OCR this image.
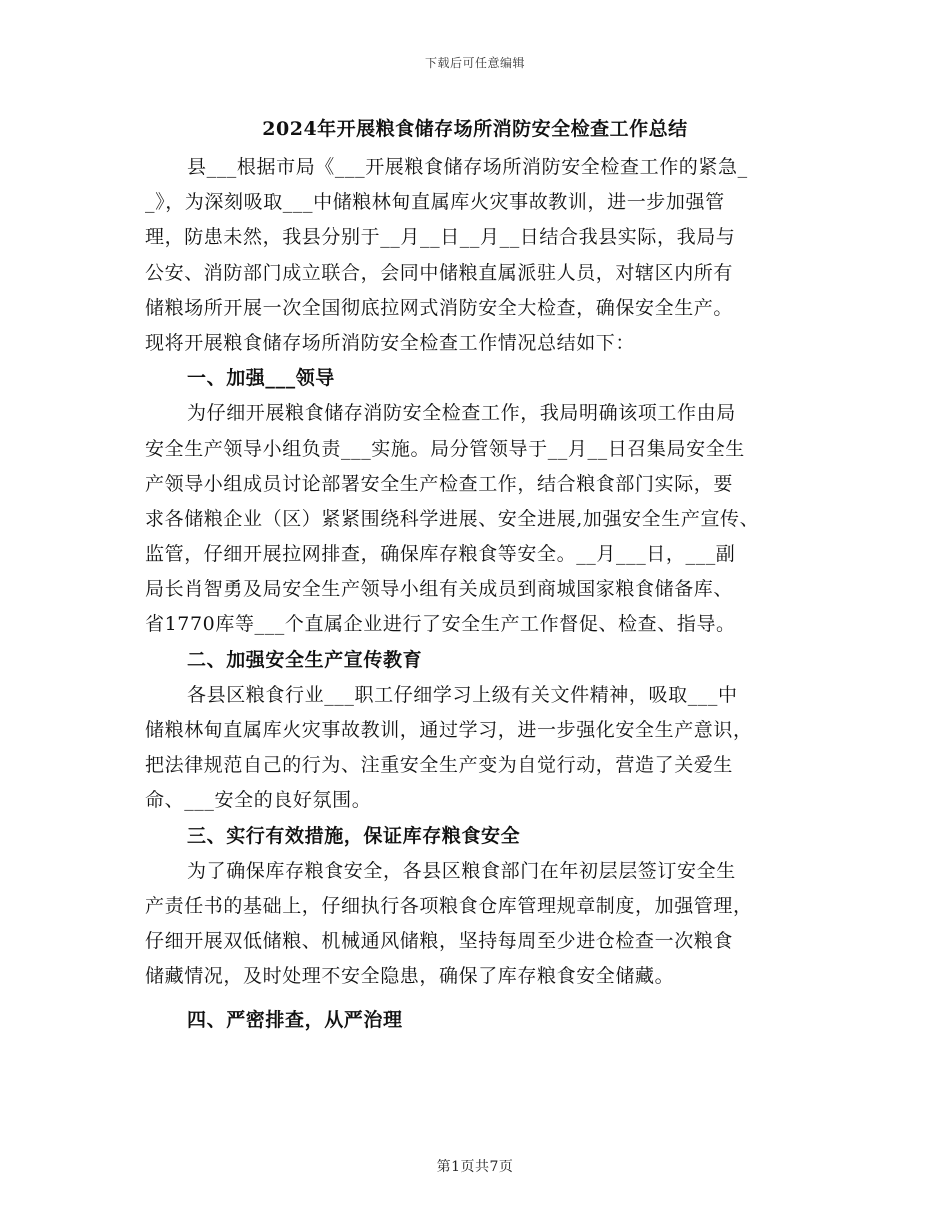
下载后可任意编辑
2024年开展粮食储存场所消防安全检查工作总结
县___根据市局《___开展粮食储存场所消防安全检查工作的紧急_
_》，为深刻吸取___中储粮林甸直属库火灾事故教训，进一步加强管
理，防患未然，我县分别于__月__日__月__日结合我县实际，我局与
公安、消防部门成立联合，会同中储粮直属派驻人员，对辖区内所有
储粮场所开展一次全国彻底拉网式消防安全大检查，确保安全生产。
现将开展粮食储存场所消防安全检查工作情况总结如下：
一、加强___领导
为仔细开展粮食储存消防安全检查工作，我局明确该项工作由局
安全生产领导小组负责___实施。局分管领导于__月__日召集局安全生
产领导小组成员讨论部署安全生产检查工作，结合粮食部门实际，要
求各储粮企业（区）紧紧围绕科学进展、安全进展,加强安全生产宣传、
监管，仔细开展拉网排查，确保库存粮食等安全。__月___日，___副
局长肖智勇及局安全生产领导小组有关成员到商城国家粮食储备库、
省1770库等___个直属企业进行了安全生产工作督促、检查、指导。
二、加强安全生产宣传教育
各县区粮食行业___职工仔细学习上级有关文件精神，吸取___中
储粮林甸直属库火灾事故教训，通过学习，进一步强化安全生产意识，
把法律规范自己的行为、注重安全生产变为自觉行动，营造了关爱生
命、___安全的良好氛围。
三、实行有效措施，保证库存粮食安全
为了确保库存粮食安全，各县区粮食部门在年初层层签订安全生
产责任书的基础上，仔细执行各项粮食仓库管理规章制度，加强管理，
仔细开展双低储粮、机械通风储粮，坚持每周至少进仓检查一次粮食
储藏情况，及时处理不安全隐患，确保了库存粮食安全储藏。
四、严密排查，从严治理
第1页共7页
